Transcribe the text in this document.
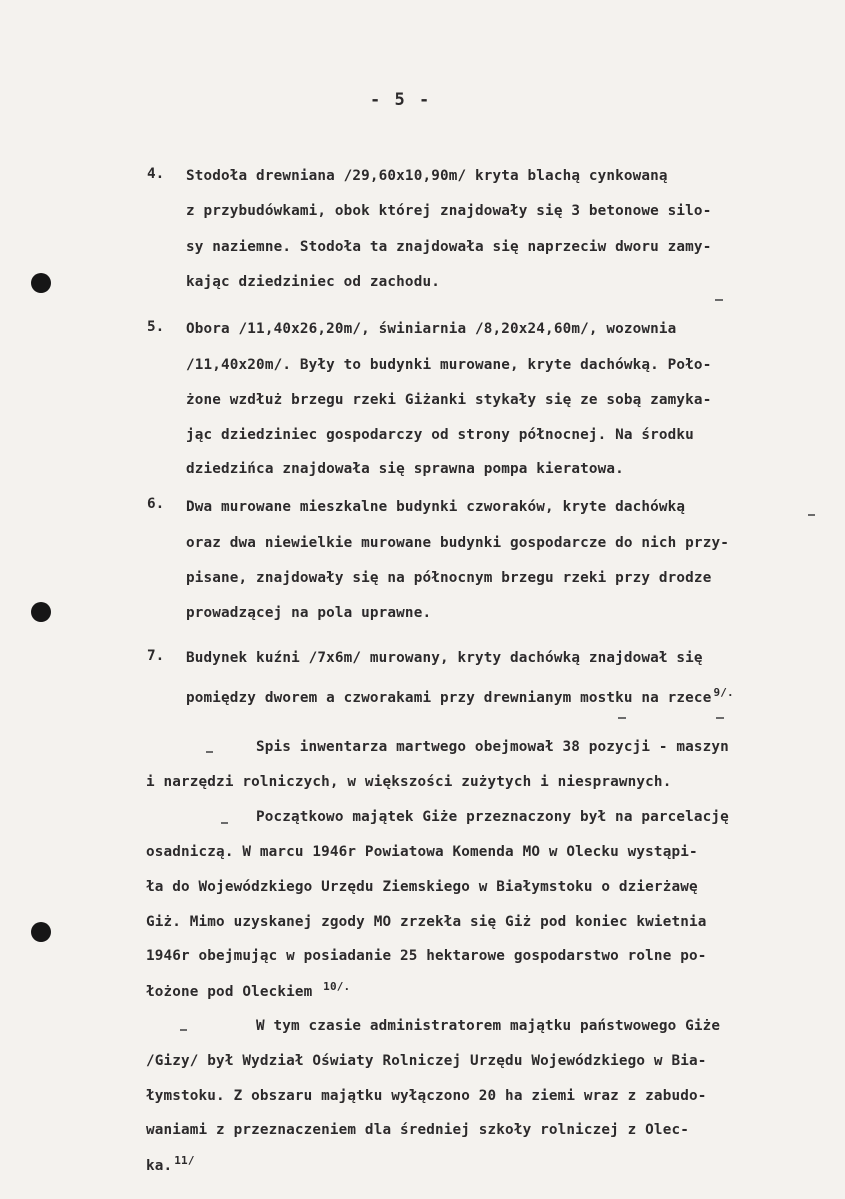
- 5 -
4. Stodoła drewniana /29,60x10,90m/ kryta blachą cynkowaną
z przybudówkami, obok której znajdowały się 3 betonowe silo-
sy naziemne. Stodoła ta znajdowała się naprzeciw dworu zamy-
kając dziedziniec od zachodu.
5. Obora /11,40x26,20m/, świniarnia /8,20x24,60m/, wozownia
/11,40x20m/. Były to budynki murowane, kryte dachówką. Poło-
żone wzdłuż brzegu rzeki Giżanki stykały się ze sobą zamyka-
jąc dziedziniec gospodarczy od strony północnej. Na środku
dziedzińca znajdowała się sprawna pompa kieratowa.
6. Dwa murowane mieszkalne budynki czworaków, kryte dachówką
oraz dwa niewielkie murowane budynki gospodarcze do nich przy-
pisane, znajdowały się na północnym brzegu rzeki przy drodze
prowadzącej na pola uprawne.
7. Budynek kuźni /7x6m/ murowany, kryty dachówką znajdował się
pomiędzy dworem a czworakami przy drewnianym mostku na rzece $^{9/.}$
Spis inwentarza martwego obejmował 38 pozycji - maszyn
i narzędzi rolniczych, w większości zużytych i niesprawnych.
Początkowo majątek Giże przeznaczony był na parcelację
osadniczą. W marcu 1946r Powiatowa Komenda MO w Olecku wystąpi-
ła do Wojewódzkiego Urzędu Ziemskiego w Białymstoku o dzierżawę
Giż. Mimo uzyskanej zgody MO zrzekła się Giż pod koniec kwietnia
1946r obejmując w posiadanie 25 hektarowe gospodarstwo rolne po-
łożone pod Oleckiem $^{10/.}$
W tym czasie administratorem majątku państwowego Giże
/Gizy/ był Wydział Oświaty Rolniczej Urzędu Wojewódzkiego w Bia-
łymstoku. Z obszaru majątku wyłączono 20 ha ziemi wraz z zabudo-
waniami z przeznaczeniem dla średniej szkoły rolniczej z Olec-
ka. $^{11/}$
